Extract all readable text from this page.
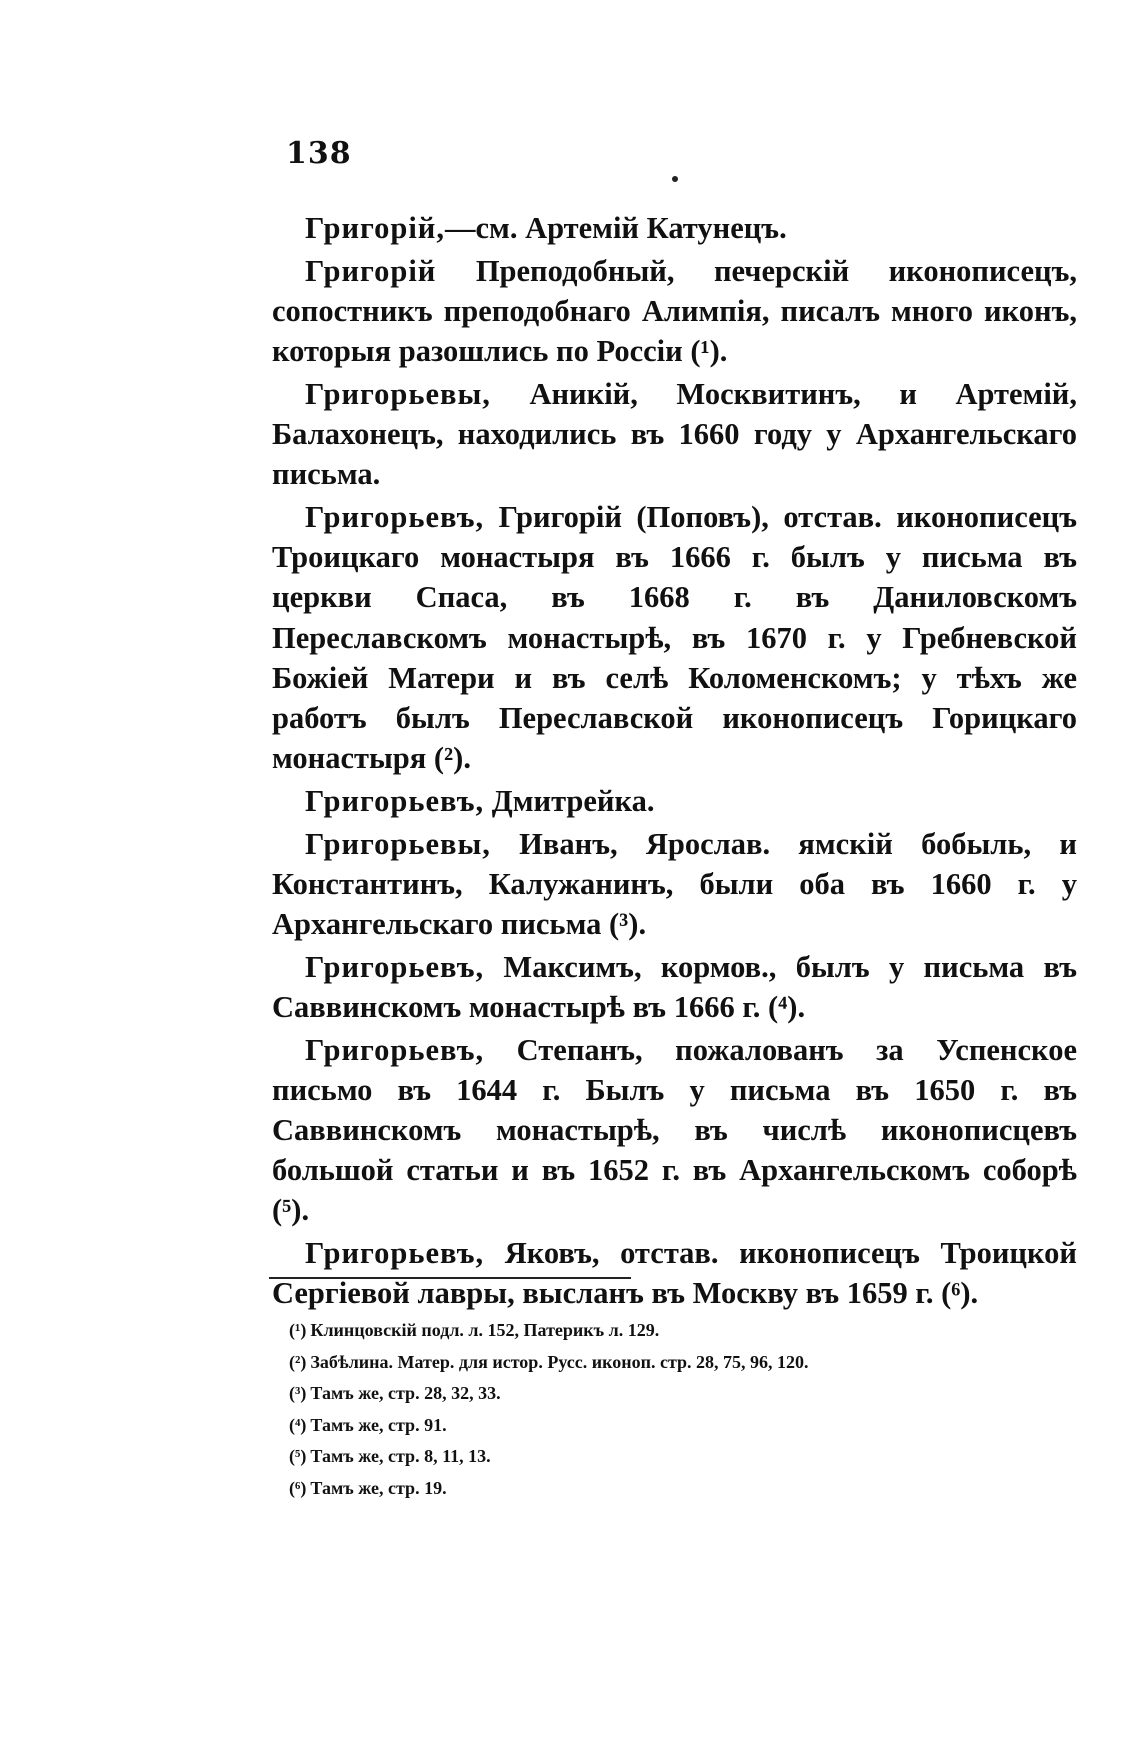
138

Григорій,—см. Артемій Катунецъ.

Григорій Преподобный, печерскій иконописецъ, сопостникъ преподобнаго Алимпія, писалъ много иконъ, которыя разошлись по Россіи (¹).

Григорьевы, Аникій, Москвитинъ, и Артемій, Балахонецъ, находились въ 1660 году у Архангельскаго письма.

Григорьевъ, Григорій (Поповъ), отстав. иконописецъ Троицкаго монастыря въ 1666 г. былъ у письма въ церкви Спаса, въ 1668 г. въ Даниловскомъ Переславскомъ монастырѣ, въ 1670 г. у Гребневской Божіей Матери и въ селѣ Коломенскомъ; у тѣхъ же работъ былъ Переславской иконописецъ Горицкаго монастыря (²).

Григорьевъ, Дмитрейка.

Григорьевы, Иванъ, Ярослав. ямскій бобыль, и Константинъ, Калужанинъ, были оба въ 1660 г. у Архангельскаго письма (³).

Григорьевъ, Максимъ, кормов., былъ у письма въ Саввинскомъ монастырѣ въ 1666 г. (⁴).

Григорьевъ, Степанъ, пожалованъ за Успенское письмо въ 1644 г. Былъ у письма въ 1650 г. въ Саввинскомъ монастырѣ, въ числѣ иконописцевъ большой статьи и въ 1652 г. въ Архангельскомъ соборѣ (⁵).

Григорьевъ, Яковъ, отстав. иконописецъ Троицкой Сергіевой лавры, высланъ въ Москву въ 1659 г. (⁶).

(¹) Клинцовскій подл. л. 152, Патерикъ л. 129.

(²) Забѣлина. Матер. для истор. Русс. иконоп. стр. 28, 75, 96, 120.

(³) Тамъ же, стр. 28, 32, 33.

(⁴) Тамъ же, стр. 91.

(⁵) Тамъ же, стр. 8, 11, 13.

(⁶) Тамъ же, стр. 19.
